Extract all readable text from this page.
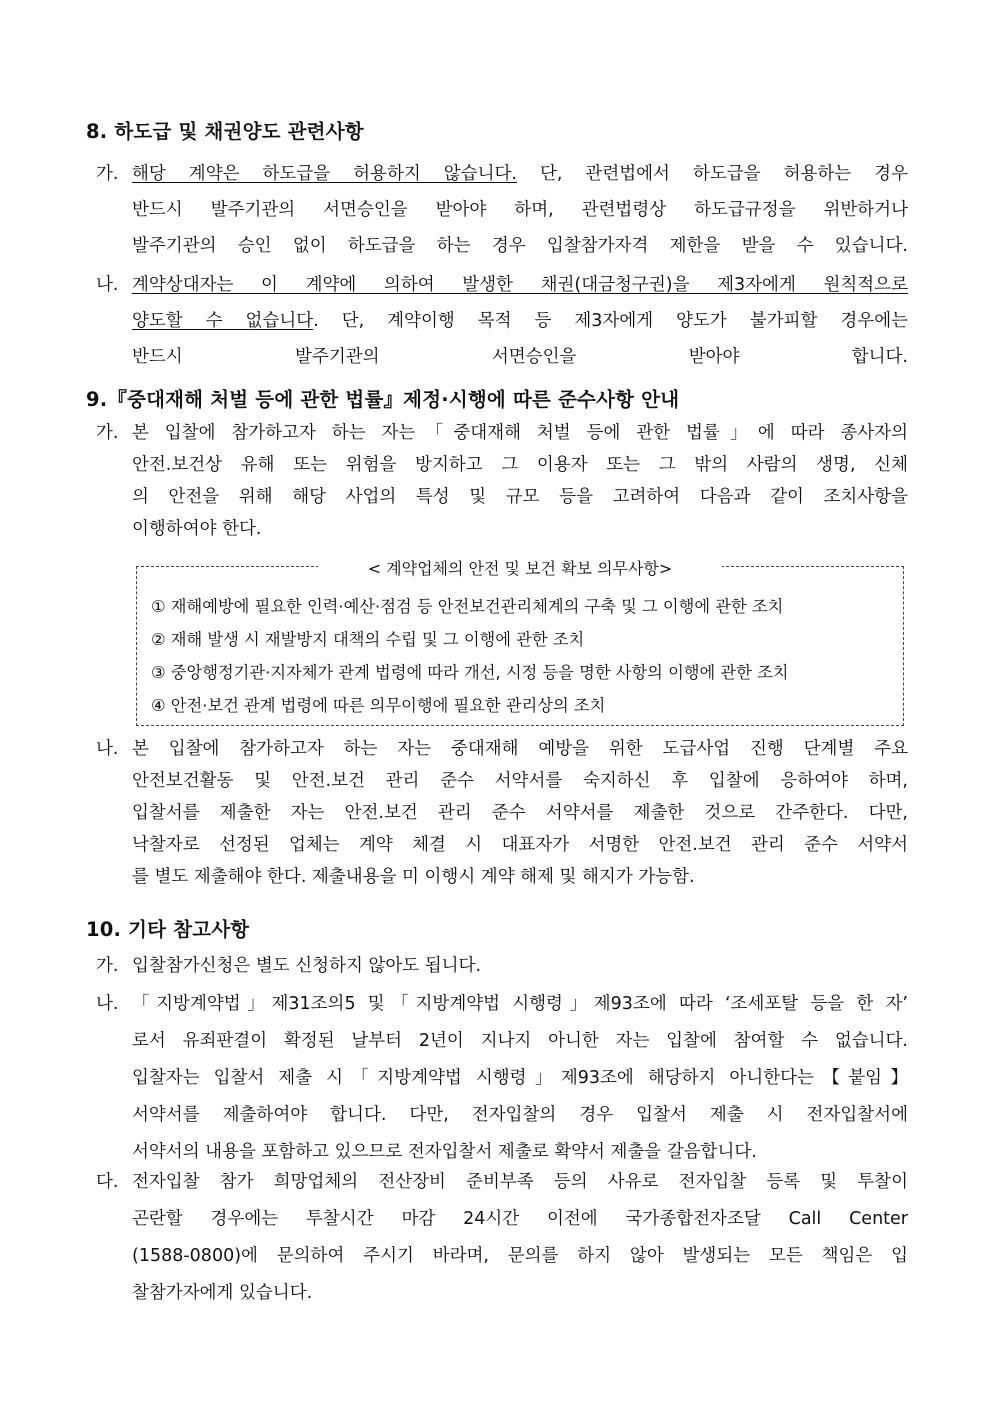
8. 하도급 및 채권양도 관련사항
가. 해당 계약은 하도급을 허용하지 않습니다. 단, 관련법에서 하도급을 허용하는 경우
반드시 발주기관의 서면승인을 받아야 하며, 관련법령상 하도급규정을 위반하거나
발주기관의 승인 없이 하도급을 하는 경우 입찰참가자격 제한을 받을 수 있습니다.
나. 계약상대자는 이 계약에 의하여 발생한 채권(대금청구권)을 제3자에게 원칙적으로
양도할 수 없습니다. 단, 계약이행 목적 등 제3자에게 양도가 불가피할 경우에는
반드시 발주기관의 서면승인을 받아야 합니다.
9.『중대재해 처벌 등에 관한 법률』제정·시행에 따른 준수사항 안내
가. 본 입찰에 참가하고자 하는 자는「중대재해 처벌 등에 관한 법률」에 따라 종사자의
안전.보건상 유해 또는 위험을 방지하고 그 이용자 또는 그 밖의 사람의 생명, 신체
의 안전을 위해 해당 사업의 특성 및 규모 등을 고려하여 다음과 같이 조치사항을
이행하여야 한다.
< 계약업체의 안전 및 보건 확보 의무사항>
① 재해예방에 필요한 인력·예산·점검 등 안전보건관리체계의 구축 및 그 이행에 관한 조치
② 재해 발생 시 재발방지 대책의 수립 및 그 이행에 관한 조치
③ 중앙행정기관·지자체가 관계 법령에 따라 개선, 시정 등을 명한 사항의 이행에 관한 조치
④ 안전·보건 관계 법령에 따른 의무이행에 필요한 관리상의 조치
나. 본 입찰에 참가하고자 하는 자는 중대재해 예방을 위한 도급사업 진행 단계별 주요
안전보건활동 및 안전.보건 관리 준수 서약서를 숙지하신 후 입찰에 응하여야 하며,
입찰서를 제출한 자는 안전.보건 관리 준수 서약서를 제출한 것으로 간주한다. 다만,
낙찰자로 선정된 업체는 계약 체결 시 대표자가 서명한 안전.보건 관리 준수 서약서
를 별도 제출해야 한다. 제출내용을 미 이행시 계약 해제 및 해지가 가능함.
10. 기타 참고사항
가. 입찰참가신청은 별도 신청하지 않아도 됩니다.
나. 「지방계약법」제31조의5 및「지방계약법 시행령」제93조에 따라 ‘조세포탈 등을 한 자’
로서 유죄판결이 확정된 날부터 2년이 지나지 아니한 자는 입찰에 참여할 수 없습니다.
입찰자는 입찰서 제출 시「지방계약법 시행령」제93조에 해당하지 아니한다는【붙임】
서약서를 제출하여야 합니다. 다만, 전자입찰의 경우 입찰서 제출 시 전자입찰서에
서약서의 내용을 포함하고 있으므로 전자입찰서 제출로 확약서 제출을 갈음합니다.
다. 전자입찰 참가 희망업체의 전산장비 준비부족 등의 사유로 전자입찰 등록 및 투찰이
곤란할 경우에는 투찰시간 마감 24시간 이전에 국가종합전자조달 Call Center
(1588-0800)에 문의하여 주시기 바라며, 문의를 하지 않아 발생되는 모든 책임은 입
찰참가자에게 있습니다.
